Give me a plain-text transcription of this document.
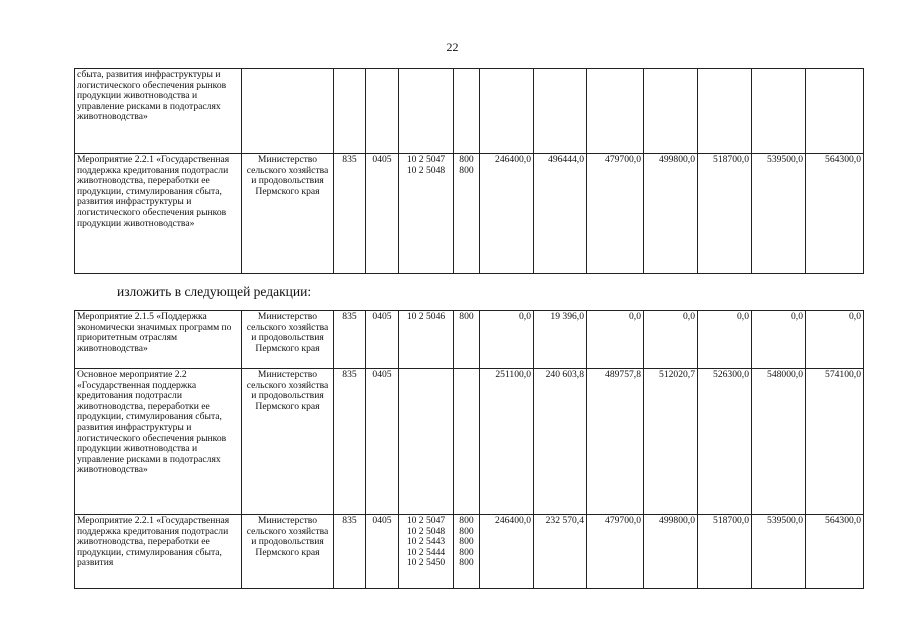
22
сбыта, развития инфраструктуры и логистического обеспечения рынков продукции животноводства и управление рисками в подотраслях животноводства»												
Мероприятие 2.2.1 «Государственная поддержка кредитования подотрасли животноводства, переработки ее продукции, стимулирования сбыта, развития инфраструктуры и логистического обеспечения рынков продукции животноводства»	Министерство сельского хозяйства и продовольствия Пермского края	835	0405	10 2 5047
10 2 5048	800
800	246400,0	496444,0	479700,0	499800,0	518700,0	539500,0	564300,0
изложить в следующей редакции:
Мероприятие 2.1.5 «Поддержка экономически значимых программ по приоритетным отраслям животноводства»	Министерство сельского хозяйства и продовольствия Пермского края	835	0405	10 2 5046	800	0,0	19 396,0	0,0	0,0	0,0	0,0	0,0
Основное мероприятие 2.2 «Государственная поддержка кредитования подотрасли животноводства, переработки ее продукции, стимулирования сбыта, развития инфраструктуры и логистического обеспечения рынков продукции животноводства и управление рисками в подотраслях животноводства»	Министерство сельского хозяйства и продовольствия Пермского края	835	0405			251100,0	240 603,8	489757,8	512020,7	526300,0	548000,0	574100,0
Мероприятие 2.2.1 «Государственная поддержка кредитования подотрасли животноводства, переработки ее продукции, стимулирования сбыта, развития	Министерство сельского хозяйства и продовольствия Пермского края	835	0405	10 2 5047
10 2 5048
10 2 5443
10 2 5444
10 2 5450	800
800
800
800
800	246400,0	232 570,4	479700,0	499800,0	518700,0	539500,0	564300,0
